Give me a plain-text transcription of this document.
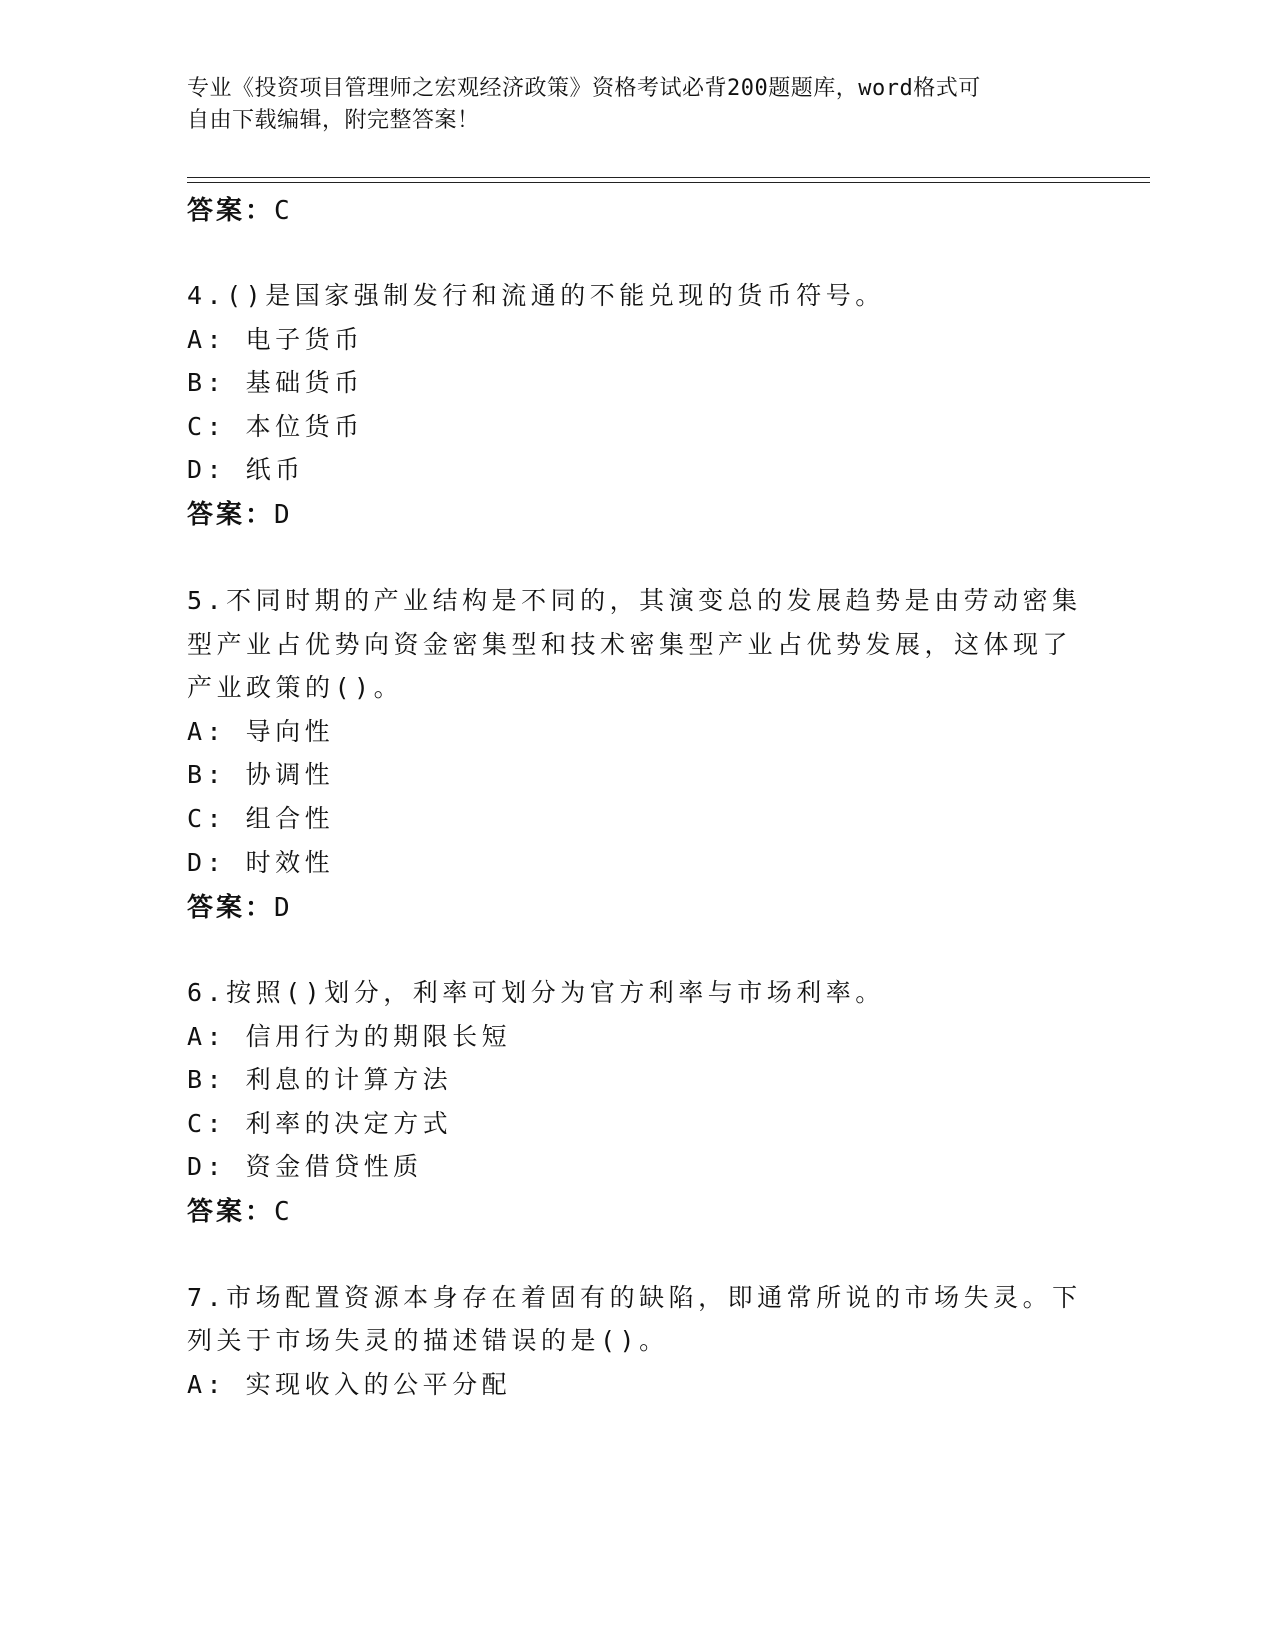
专业《投资项目管理师之宏观经济政策》资格考试必背200题题库，word格式可
自由下载编辑，附完整答案！
答案：C
4.()是国家强制发行和流通的不能兑现的货币符号。
A: 电子货币
B: 基础货币
C: 本位货币
D: 纸币
答案：D
5.不同时期的产业结构是不同的，其演变总的发展趋势是由劳动密集
型产业占优势向资金密集型和技术密集型产业占优势发展，这体现了
产业政策的()。
A: 导向性
B: 协调性
C: 组合性
D: 时效性
答案：D
6.按照()划分，利率可划分为官方利率与市场利率。
A: 信用行为的期限长短
B: 利息的计算方法
C: 利率的决定方式
D: 资金借贷性质
答案：C
7.市场配置资源本身存在着固有的缺陷，即通常所说的市场失灵。下
列关于市场失灵的描述错误的是()。
A: 实现收入的公平分配
